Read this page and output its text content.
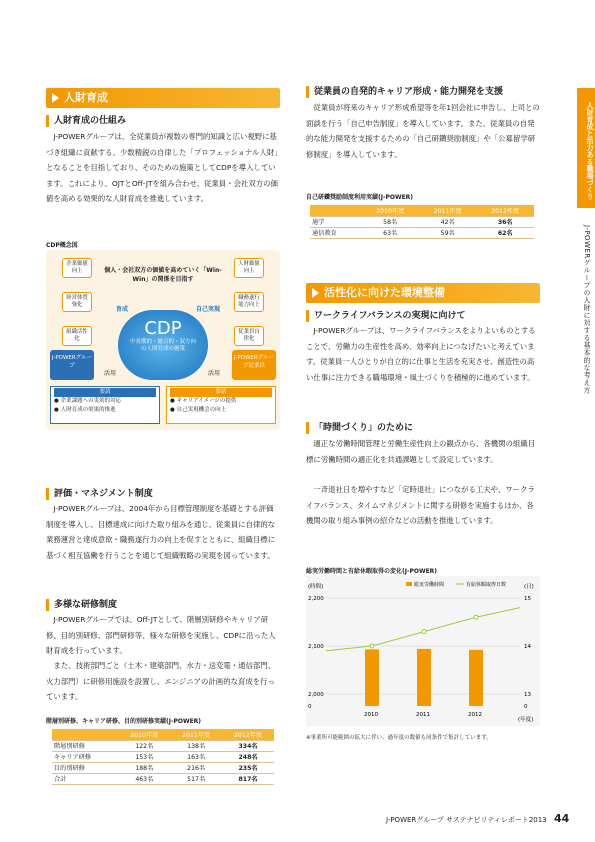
人財育成と活力ある職場づくり
J-POWERグループの人財に対する基本的な考え方
人財育成
人財育成の仕組み
J-POWERグループは、全従業員が複数の専門的知識と広い視野に基づき組織に貢献する、少数精鋭の自律した「プロフェッショナル人財」となることを目指しており、そのための施策としてCDPを導入しています。これにより、OJTとOff-JTを組み合わせ、従業員・会社双方の価値を高める効果的な人財育成を推進しています。
CDP概念図
企業価値向上
経営体質強化
組織活性化
人財価値向上
職務遂行能力向上
従業員自律化
個人・会社双方の価値を高めていく「Win-Win」の関係を目指す
CDP
中長期的・総合的・双方向の人財育成の施策
育成	自己実現
活用	活用
J-POWERグループ
J-POWERグループ従業員
要請
● 企業課題への実効的対応
● 人財育成の効果的推進
要請
● キャリアイメージの提供
● 自己実現機会の向上
評価・マネジメント制度
J-POWERグループは、2004年から目標管理制度を基礎とする評価制度を導入し、目標達成に向けた取り組みを通じ、従業員に自律的な業務運営と達成意欲・職務遂行力の向上を促すとともに、組織目標に基づく相互協働を行うことを通じて組織戦略の実現を図っています。
多様な研修制度
J-POWERグループでは、Off-JTとして、階層別研修やキャリア研修、目的別研修、部門研修等、様々な研修を実施し、CDPに沿った人財育成を行っています。
また、技術部門ごと（土木・建築部門、水力・送変電・通信部門、火力部門）に研修用施設を設置し、エンジニアの計画的な育成を行っています。
階層別研修、キャリア研修、目的別研修実績(J-POWER)
	2010年度	2011年度	2012年度
階層別研修	122名	138名	334名
キャリア研修	153名	163名	248名
目的別研修	188名	216名	235名
合計	463名	517名	817名
従業員の自発的キャリア形成・能力開発を支援
従業員が将来のキャリア形成希望等を年1回会社に申告し、上司との面談を行う「自己申告制度」を導入しています。また、従業員の自発的な能力開発を支援するための「自己研鑽奨励制度」や「公募留学研修制度」を導入しています。
自己研鑽奨励制度利用実績(J-POWER)
	2010年度	2011年度	2012年度
通学	58名	42名	36名
通信教育	63名	59名	62名
活性化に向けた環境整備
ワークライフバランスの実現に向けて
J-POWERグループは、ワークライフバランスをよりよいものとすることで、労働力の生産性を高め、効率向上につなげたいと考えています。従業員一人ひとりが自立的に仕事と生活を充実させ、創造性の高い仕事に注力できる職場環境・風土づくりを積極的に進めています。
「時間づくり」のために
適正な労働時間管理と労働生産性向上の観点から、各機関の組織目標に労働時間の適正化を共通課題として設定しています。
一斉退社日を増やすなど「定時退社」につながる工夫や、ワークライフバランス、タイムマネジメントに関する研修を実施するほか、各機関の取り組み事例の紹介などの活動を推進しています。
総実労働時間と有給休暇取得の変化(J-POWER)
(時間)	(日)
総実労働時間	有給休暇取得日数
(年度)
2,200
2,100
2,000
0
15
14
13
0
2010	2011	2012
※事業所可能範囲の拡大に伴い、過年度の数値も同条件で集計しています。
J-POWERグループ サステナビリティレポート2013 44
